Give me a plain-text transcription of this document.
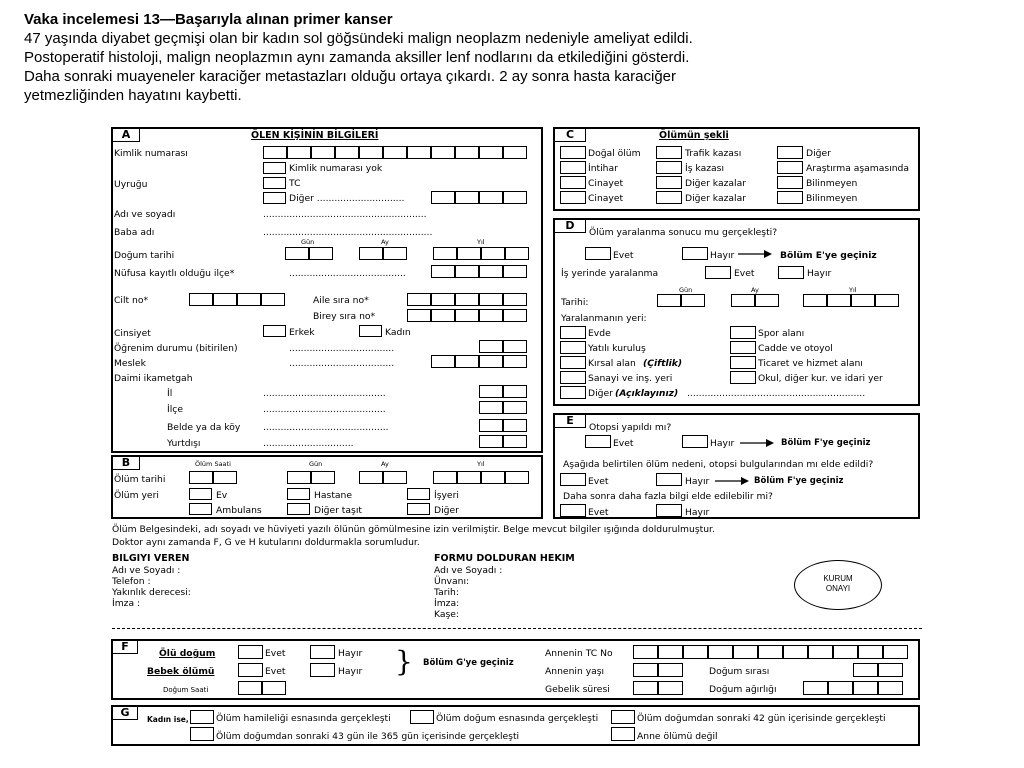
Vaka incelemesi 13—Başarıyla alınan primer kanser
47 yaşında diyabet geçmişi olan bir kadın sol göğsündeki malign neoplazm nedeniyle ameliyat edildi.
Postoperatif histoloji, malign neoplazmın aynı zamanda aksiller lenf nodlarını da etkilediğini gösterdi.
Daha sonraki muayeneler karaciğer metastazları olduğu ortaya çıkardı. 2 ay sonra hasta karaciğer
yetmezliğinden hayatını kaybetti.
A	ÖLEN KİŞİNİN BİLGİLERİ
Kimlik numarası
Kimlik numarası yok
Uyruğu	TC
Diğer ..............................
Adı ve soyadı	........................................................
Baba adı	..........................................................
Gün	Ay	Yıl
Doğum tarihi
Nüfusa kayıtlı olduğu ilçe*	........................................
Cilt no*	Aile sıra no*
Birey sıra no*
Cinsiyet	Erkek	Kadın
Öğrenim durumu (bitirilen)	....................................
Meslek	....................................
Daimi ikametgah
İl	..........................................
İlçe	..........................................
Belde ya da köy ...........................................
Yurtdışı	...............................
B	Ölüm Saati	Gün	Ay	Yıl
Ölüm tarihi
Ölüm yeri	Ev	Hastane	İşyeri
Ambulans	Diğer taşıt	Diğer
C	Ölümün şekli
Doğal ölüm	Trafik kazası	Diğer
İntihar	İş kazası	Araştırma aşamasında
Cinayet	Diğer kazalar	Bilinmeyen
Cinayet	Diğer kazalar	Bilinmeyen
D
Ölüm yaralanma sonucu mu gerçekleşti?
Evet	Hayır	Bölüm E'ye geçiniz
İş yerinde yaralanma	Evet	Hayır
Gün	Ay	Yıl
Tarihi:
Yaralanmanın yeri:
Evde	Spor alanı
Yatılı kuruluş	Cadde ve otoyol
Kırsal alan (Çiftlik)	Ticaret ve hizmet alanı
Sanayi ve inş. yeri	Okul, diğer kur. ve idari yer
Diğer (Açıklayınız) .............................................................
E
Otopsi yapıldı mı?
Evet	Hayır	Bölüm F'ye geçiniz
Aşağıda belirtilen ölüm nedeni, otopsi bulgularından mı elde edildi?
Evet	Hayır	Bölüm F'ye geçiniz
Daha sonra daha fazla bilgi elde edilebilir mi?
Evet	Hayır
Ölüm Belgesindeki, adı soyadı ve hüviyeti yazılı ölünün gömülmesine izin verilmiştir. Belge mevcut bilgiler ışığında doldurulmuştur.
Doktor aynı zamanda F, G ve H kutularını doldurmakla sorumludur.
BILGIYI VEREN
Adı ve Soyadı :
Telefon :
Yakınlık derecesi:
İmza :
FORMU DOLDURAN HEKIM
Adı ve Soyadı :
Ünvanı:
Tarih:
İmza:
Kaşe:
KURUM
ONAYI
F
Ölü doğum	Evet	Hayır
Bebek ölümü	Evet	Hayır } Bölüm G'ye geçiniz
Doğum Saati
Annenin TC No
Annenin yaşı	Doğum sırası
Gebelik süresi	Doğum ağırlığı
G
Kadın ise,	Ölüm hamileliği esnasında gerçekleşti	Ölüm doğum esnasında gerçekleşti	Ölüm doğumdan sonraki 42 gün içerisinde gerçekleşti
Ölüm doğumdan sonraki 43 gün ile 365 gün içerisinde gerçekleşti	Anne ölümü değil
